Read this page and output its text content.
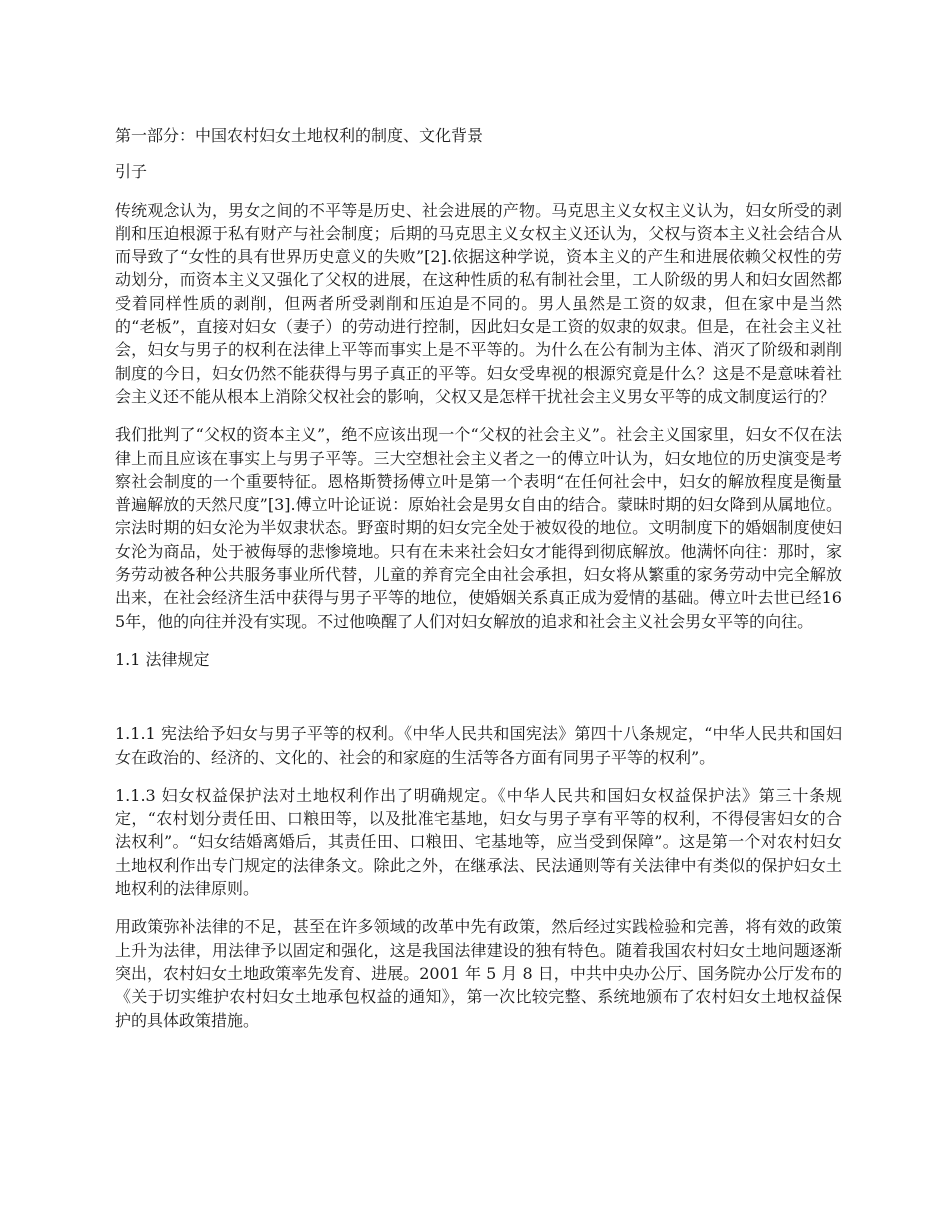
第一部分：中国农村妇女土地权利的制度、文化背景

引子

传统观念认为，男女之间的不平等是历史、社会进展的产物。马克思主义女权主义认为，妇女所受的剥削和压迫根源于私有财产与社会制度；后期的马克思主义女权主义还认为，父权与资本主义社会结合从而导致了“女性的具有世界历史意义的失败”[2].依据这种学说，资本主义的产生和进展依赖父权性的劳动划分，而资本主义又强化了父权的进展，在这种性质的私有制社会里，工人阶级的男人和妇女固然都受着同样性质的剥削，但两者所受剥削和压迫是不同的。男人虽然是工资的奴隶，但在家中是当然的“老板”，直接对妇女（妻子）的劳动进行控制，因此妇女是工资的奴隶的奴隶。但是，在社会主义社会，妇女与男子的权利在法律上平等而事实上是不平等的。为什么在公有制为主体、消灭了阶级和剥削制度的今日，妇女仍然不能获得与男子真正的平等。妇女受卑视的根源究竟是什么？这是不是意味着社会主义还不能从根本上消除父权社会的影响，父权又是怎样干扰社会主义男女平等的成文制度运行的？

我们批判了“父权的资本主义”，绝不应该出现一个“父权的社会主义”。社会主义国家里，妇女不仅在法律上而且应该在事实上与男子平等。三大空想社会主义者之一的傅立叶认为，妇女地位的历史演变是考察社会制度的一个重要特征。恩格斯赞扬傅立叶是第一个表明“在任何社会中，妇女的解放程度是衡量普遍解放的天然尺度”[3].傅立叶论证说：原始社会是男女自由的结合。蒙昧时期的妇女降到从属地位。宗法时期的妇女沦为半奴隶状态。野蛮时期的妇女完全处于被奴役的地位。文明制度下的婚姻制度使妇女沦为商品，处于被侮辱的悲惨境地。只有在未来社会妇女才能得到彻底解放。他满怀向往：那时，家务劳动被各种公共服务事业所代替，儿童的养育完全由社会承担，妇女将从繁重的家务劳动中完全解放出来，在社会经济生活中获得与男子平等的地位，使婚姻关系真正成为爱情的基础。傅立叶去世已经165年，他的向往并没有实现。不过他唤醒了人们对妇女解放的追求和社会主义社会男女平等的向往。

1.1 法律规定

1.1.1 宪法给予妇女与男子平等的权利。《中华人民共和国宪法》第四十八条规定，“中华人民共和国妇女在政治的、经济的、文化的、社会的和家庭的生活等各方面有同男子平等的权利”。

1.1.3 妇女权益保护法对土地权利作出了明确规定。《中华人民共和国妇女权益保护法》第三十条规定，“农村划分责任田、口粮田等，以及批准宅基地，妇女与男子享有平等的权利，不得侵害妇女的合法权利”。“妇女结婚离婚后，其责任田、口粮田、宅基地等，应当受到保障”。这是第一个对农村妇女土地权利作出专门规定的法律条文。除此之外，在继承法、民法通则等有关法律中有类似的保护妇女土地权利的法律原则。

用政策弥补法律的不足，甚至在许多领域的改革中先有政策，然后经过实践检验和完善，将有效的政策上升为法律，用法律予以固定和强化，这是我国法律建设的独有特色。随着我国农村妇女土地问题逐渐突出，农村妇女土地政策率先发育、进展。2001 年 5 月 8 日，中共中央办公厅、国务院办公厅发布的《关于切实维护农村妇女土地承包权益的通知》，第一次比较完整、系统地颁布了农村妇女土地权益保护的具体政策措施。
